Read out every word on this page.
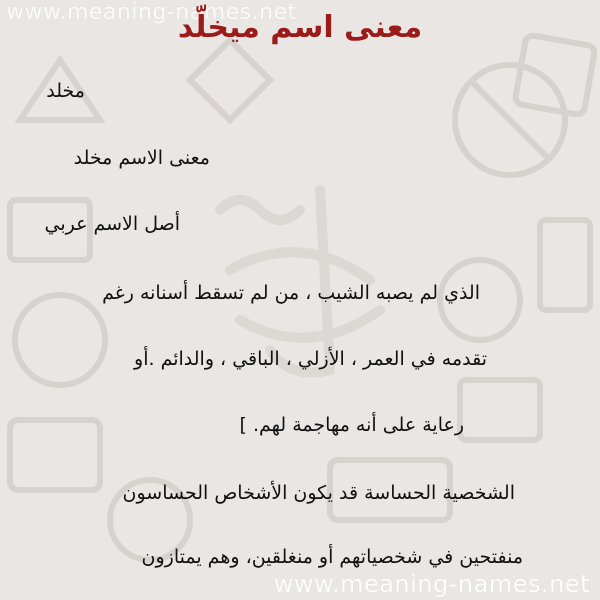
www.meaning-names.net
معنى اسم ميخلّد
مخلد
معنى الاسم مخلد
أصل الاسم عربي
الذي لم يصبه الشيب ، من لم تسقط أسنانه رغم
تقدمه في العمر ، الأزلي ، الباقي ، والدائم .أو
رعاية على أنه مهاجمة لهم. ]
الشخصية الحساسة قد يكون الأشخاص الحساسون
منفتحين في شخصياتهم أو منغلقين، وهم يمتازون
www.meaning-names.net
